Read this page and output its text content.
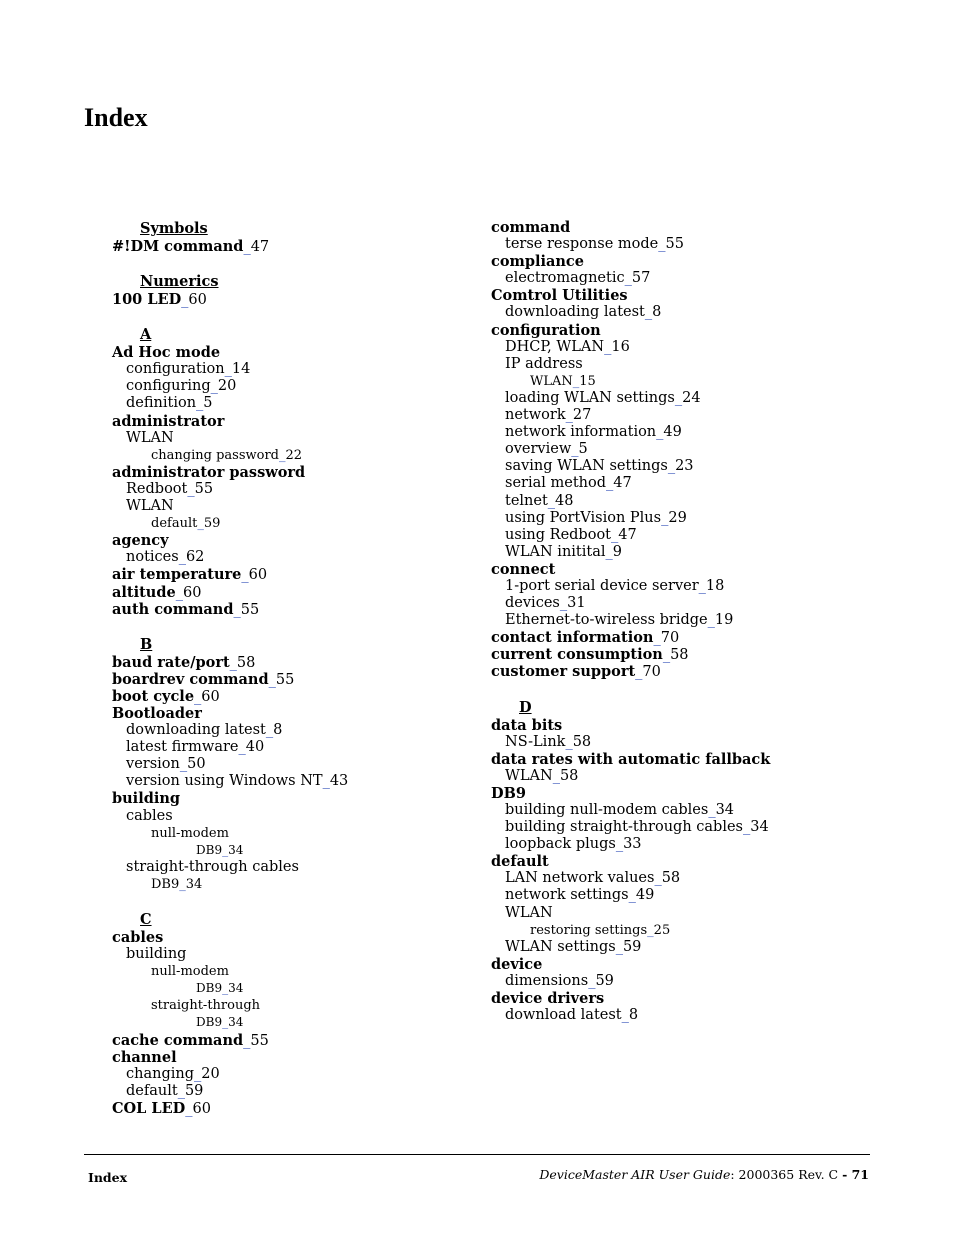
Index
Symbols
#!DM command _ 47
Numerics
100 LED _ 60
A
Ad Hoc mode
configuration _ 14
configuring _ 20
definition _ 5
administrator
WLAN
changing password _ 22
administrator password
Redboot _ 55
WLAN
default _ 59
agency
notices _ 62
air temperature _ 60
altitude _ 60
auth command _ 55
B
baud rate/port _ 58
boardrev command _ 55
boot cycle _ 60
Bootloader
downloading latest _ 8
latest firmware _ 40
version _ 50
version using Windows NT _ 43
building
cables
null-modem
DB9 _ 34
straight-through cables
DB9 _ 34
C
cables
building
null-modem
DB9 _ 34
straight-through
DB9 _ 34
cache command _ 55
channel
changing _ 20
default _ 59
COL LED _ 60
command
terse response mode _ 55
compliance
electromagnetic _ 57
Comtrol Utilities
downloading latest _ 8
configuration
DHCP, WLAN _ 16
IP address
WLAN _ 15
loading WLAN settings _ 24
network _ 27
network information _ 49
overview _ 5
saving WLAN settings _ 23
serial method _ 47
telnet _ 48
using PortVision Plus _ 29
using Redboot _ 47
WLAN initital _ 9
connect
1-port serial device server _ 18
devices _ 31
Ethernet-to-wireless bridge _ 19
contact information _ 70
current consumption _ 58
customer support _ 70
D
data bits
NS-Link _ 58
data rates with automatic fallback
WLAN _ 58
DB9
building null-modem cables _ 34
building straight-through cables _ 34
loopback plugs _ 33
default
LAN network values _ 58
network settings _ 49
WLAN
restoring settings _ 25
WLAN settings _ 59
device
dimensions _ 59
device drivers
download latest _ 8
Index	DeviceMaster AIR User Guide: 2000365 Rev. C - 71
